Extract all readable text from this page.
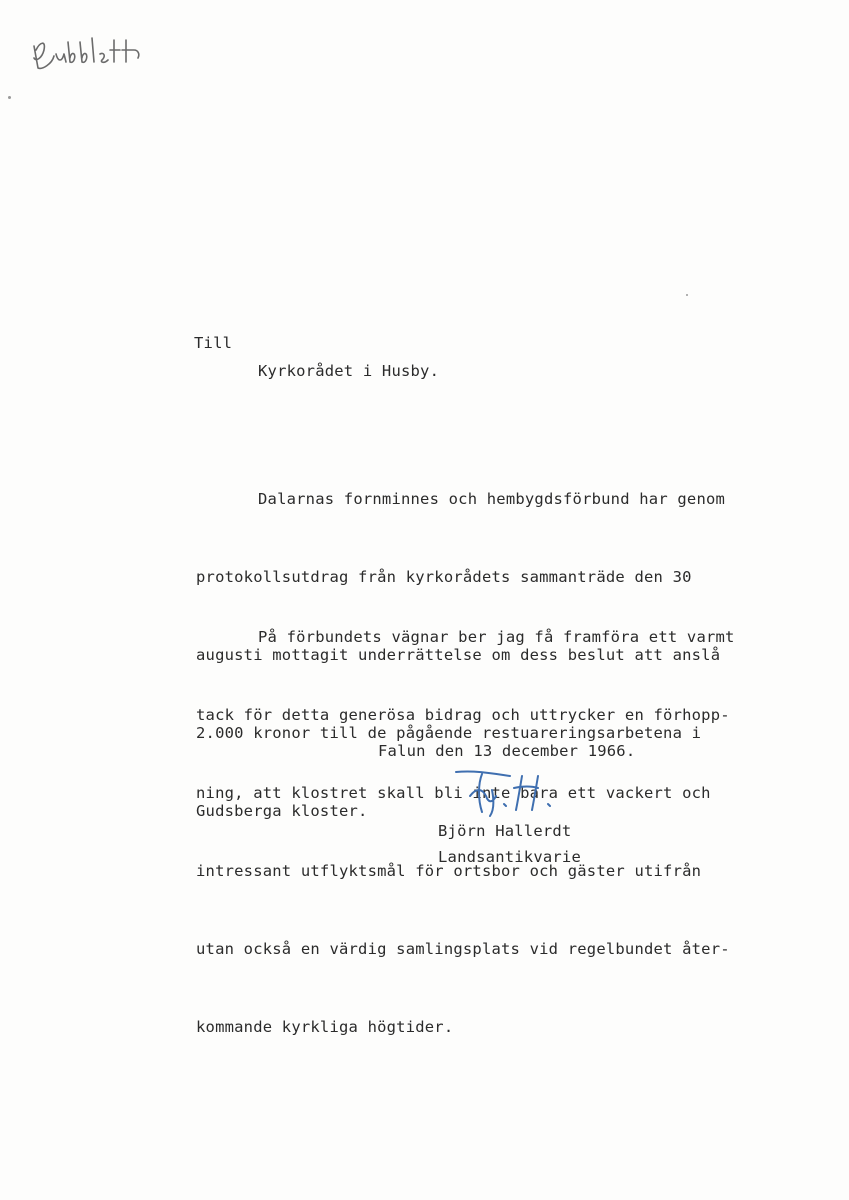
Till
Kyrkorådet i Husby.

Dalarnas fornminnes och hembygdsförbund har genom

protokollsutdrag från kyrkorådets sammanträde den 30

augusti mottagit underrättelse om dess beslut att anslå

2.000 kronor till de pågående restuareringsarbetena i

Gudsberga kloster.

På förbundets vägnar ber jag få framföra ett varmt

tack för detta generösa bidrag och uttrycker en förhopp-

ning, att klostret skall bli inte bara ett vackert och

intressant utflyktsmål för ortsbor och gäster utifrån

utan också en värdig samlingsplats vid regelbundet åter-

kommande kyrkliga högtider.

Falun den 13 december 1966.
Björn Hallerdt
Landsantikvarie
